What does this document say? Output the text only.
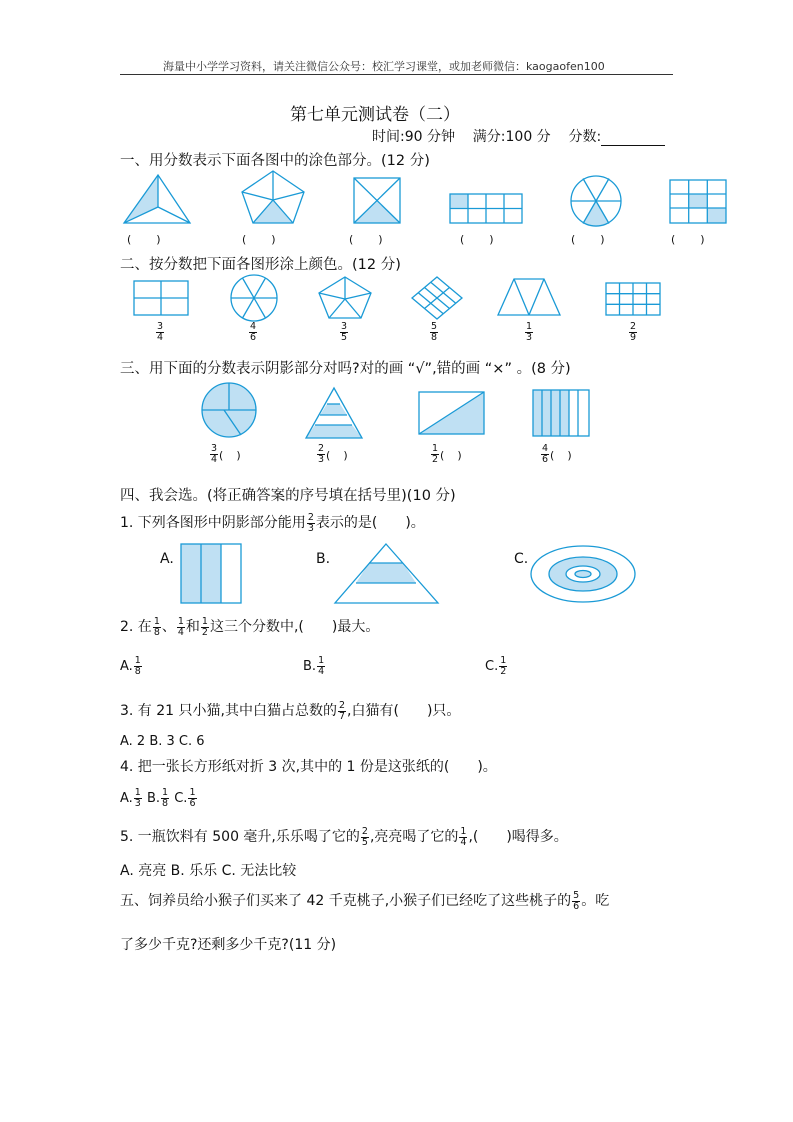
海量中小学学习资料，请关注微信公众号：校汇学习课堂，或加老师微信：kaogaofen100
第七单元测试卷（二）
时间:90 分钟 满分:100 分 分数:
一、用分数表示下面各图中的涂色部分。(12 分)
(　　)	(　　)	(　　)	(　　)	(　　)	(　　)
二、按分数把下面各图形涂上颜色。(12 分)
$\frac{3}{4}$	$\frac{4}{6}$	$\frac{3}{5}$	$\frac{5}{8}$	$\frac{1}{3}$	$\frac{2}{9}$
三、用下面的分数表示阴影部分对吗?对的画 “√”,错的画 “×” 。(8 分)
$\frac{3}{4}$ (　)	$\frac{2}{3}$ (　)	$\frac{1}{2}$ (　)	$\frac{4}{6}$ (　)
四、我会选。(将正确答案的序号填在括号里)(10 分)
1. 下列各图形中阴影部分能用 $\frac{2}{3}$ 表示的是(　　)。
A.	B.	C.
2. 在 $\frac{1}{8}$ 、 $\frac{1}{4}$ 和 $\frac{1}{2}$ 这三个分数中,(　　)最大。
A. $\frac{1}{8}$	B. $\frac{1}{4}$	C. $\frac{1}{2}$
3. 有 21 只小猫,其中白猫占总数的 $\frac{2}{7}$ ,白猫有(　　)只。
A. 2 B. 3 C. 6
4. 把一张长方形纸对折 3 次,其中的 1 份是这张纸的(　　)。
A. $\frac{1}{3} B$. $\frac{1}{8} C$. $\frac{1}{6}$
5. 一瓶饮料有 500 毫升,乐乐喝了它的 $\frac{2}{5}$ ,亮亮喝了它的 $\frac{1}{4}$ ,(　　)喝得多。
A. 亮亮 B. 乐乐 C. 无法比较
五、饲养员给小猴子们买来了 42 千克桃子,小猴子们已经吃了这些桃子的 $\frac{5}{6}$ 。吃
了多少千克?还剩多少千克?(11 分)
